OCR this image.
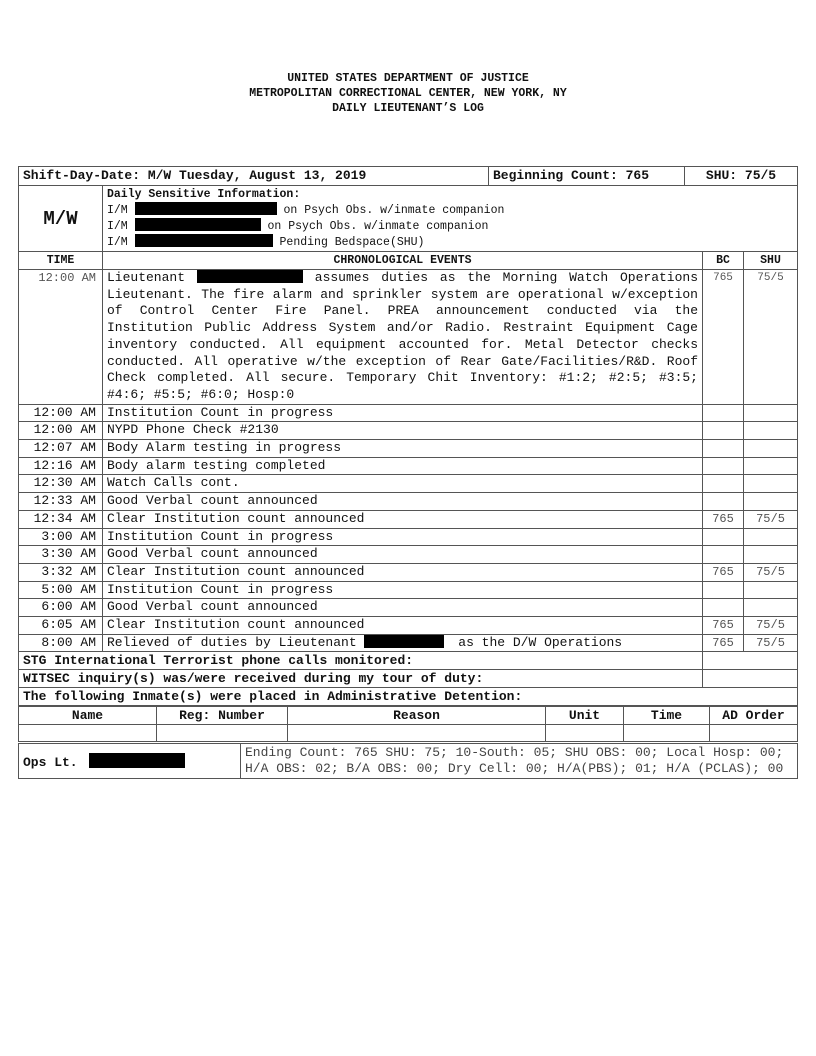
UNITED STATES DEPARTMENT OF JUSTICE
METROPOLITAN CORRECTIONAL CENTER, NEW YORK, NY
DAILY LIEUTENANT’S LOG
Shift-Day-Date: M/W Tuesday, August 13, 2019	Beginning Count: 765	SHU: 75/5
M/W	
Daily Sensitive Information:
I/M	on Psych Obs. w/inmate companion
I/M	on Psych Obs. w/inmate companion
I/M	Pending Bedspace(SHU)
TIME	CHRONOLOGICAL EVENTS	BC	SHU
12:00 AM	Lieutenant assumes duties as the Morning Watch Operations Lieutenant. The fire alarm and sprinkler system are operational w/exception of Control Center Fire Panel. PREA announcement conducted via the Institution Public Address System and/or Radio. Restraint Equipment Cage inventory conducted. All equipment accounted for. Metal Detector checks conducted. All operative w/the exception of Rear Gate/Facilities/R&D. Roof Check completed. All secure. Temporary Chit Inventory: #1:2; #2:5; #3:5; #4:6; #5:5; #6:0; Hosp:0	765	75/5
12:00 AM	Institution Count in progress		
12:00 AM	NYPD Phone Check #2130		
12:07 AM	Body Alarm testing in progress		
12:16 AM	Body alarm testing completed		
12:30 AM	Watch Calls cont.		
12:33 AM	Good Verbal count announced		
12:34 AM	Clear Institution count announced	765	75/5
3:00 AM	Institution Count in progress		
3:30 AM	Good Verbal count announced		
3:32 AM	Clear Institution count announced	765	75/5
5:00 AM	Institution Count in progress		
6:00 AM	Good Verbal count announced		
6:05 AM	Clear Institution count announced	765	75/5
8:00 AM	Relieved of duties by Lieutenant as the D/W Operations	765	75/5
STG International Terrorist phone calls monitored:	
WITSEC inquiry(s) was/were received during my tour of duty:	
The following Inmate(s) were placed in Administrative Detention:	
Name	Reg: Number	Reason	Unit	Time	AD Order

Ops Lt.	Ending Count: 765 SHU: 75; 10-South: 05; SHU OBS: 00; Local Hosp: 00; H/A OBS: 02; B/A OBS: 00; Dry Cell: 00; H/A(PBS); 01; H/A (PCLAS); 00
